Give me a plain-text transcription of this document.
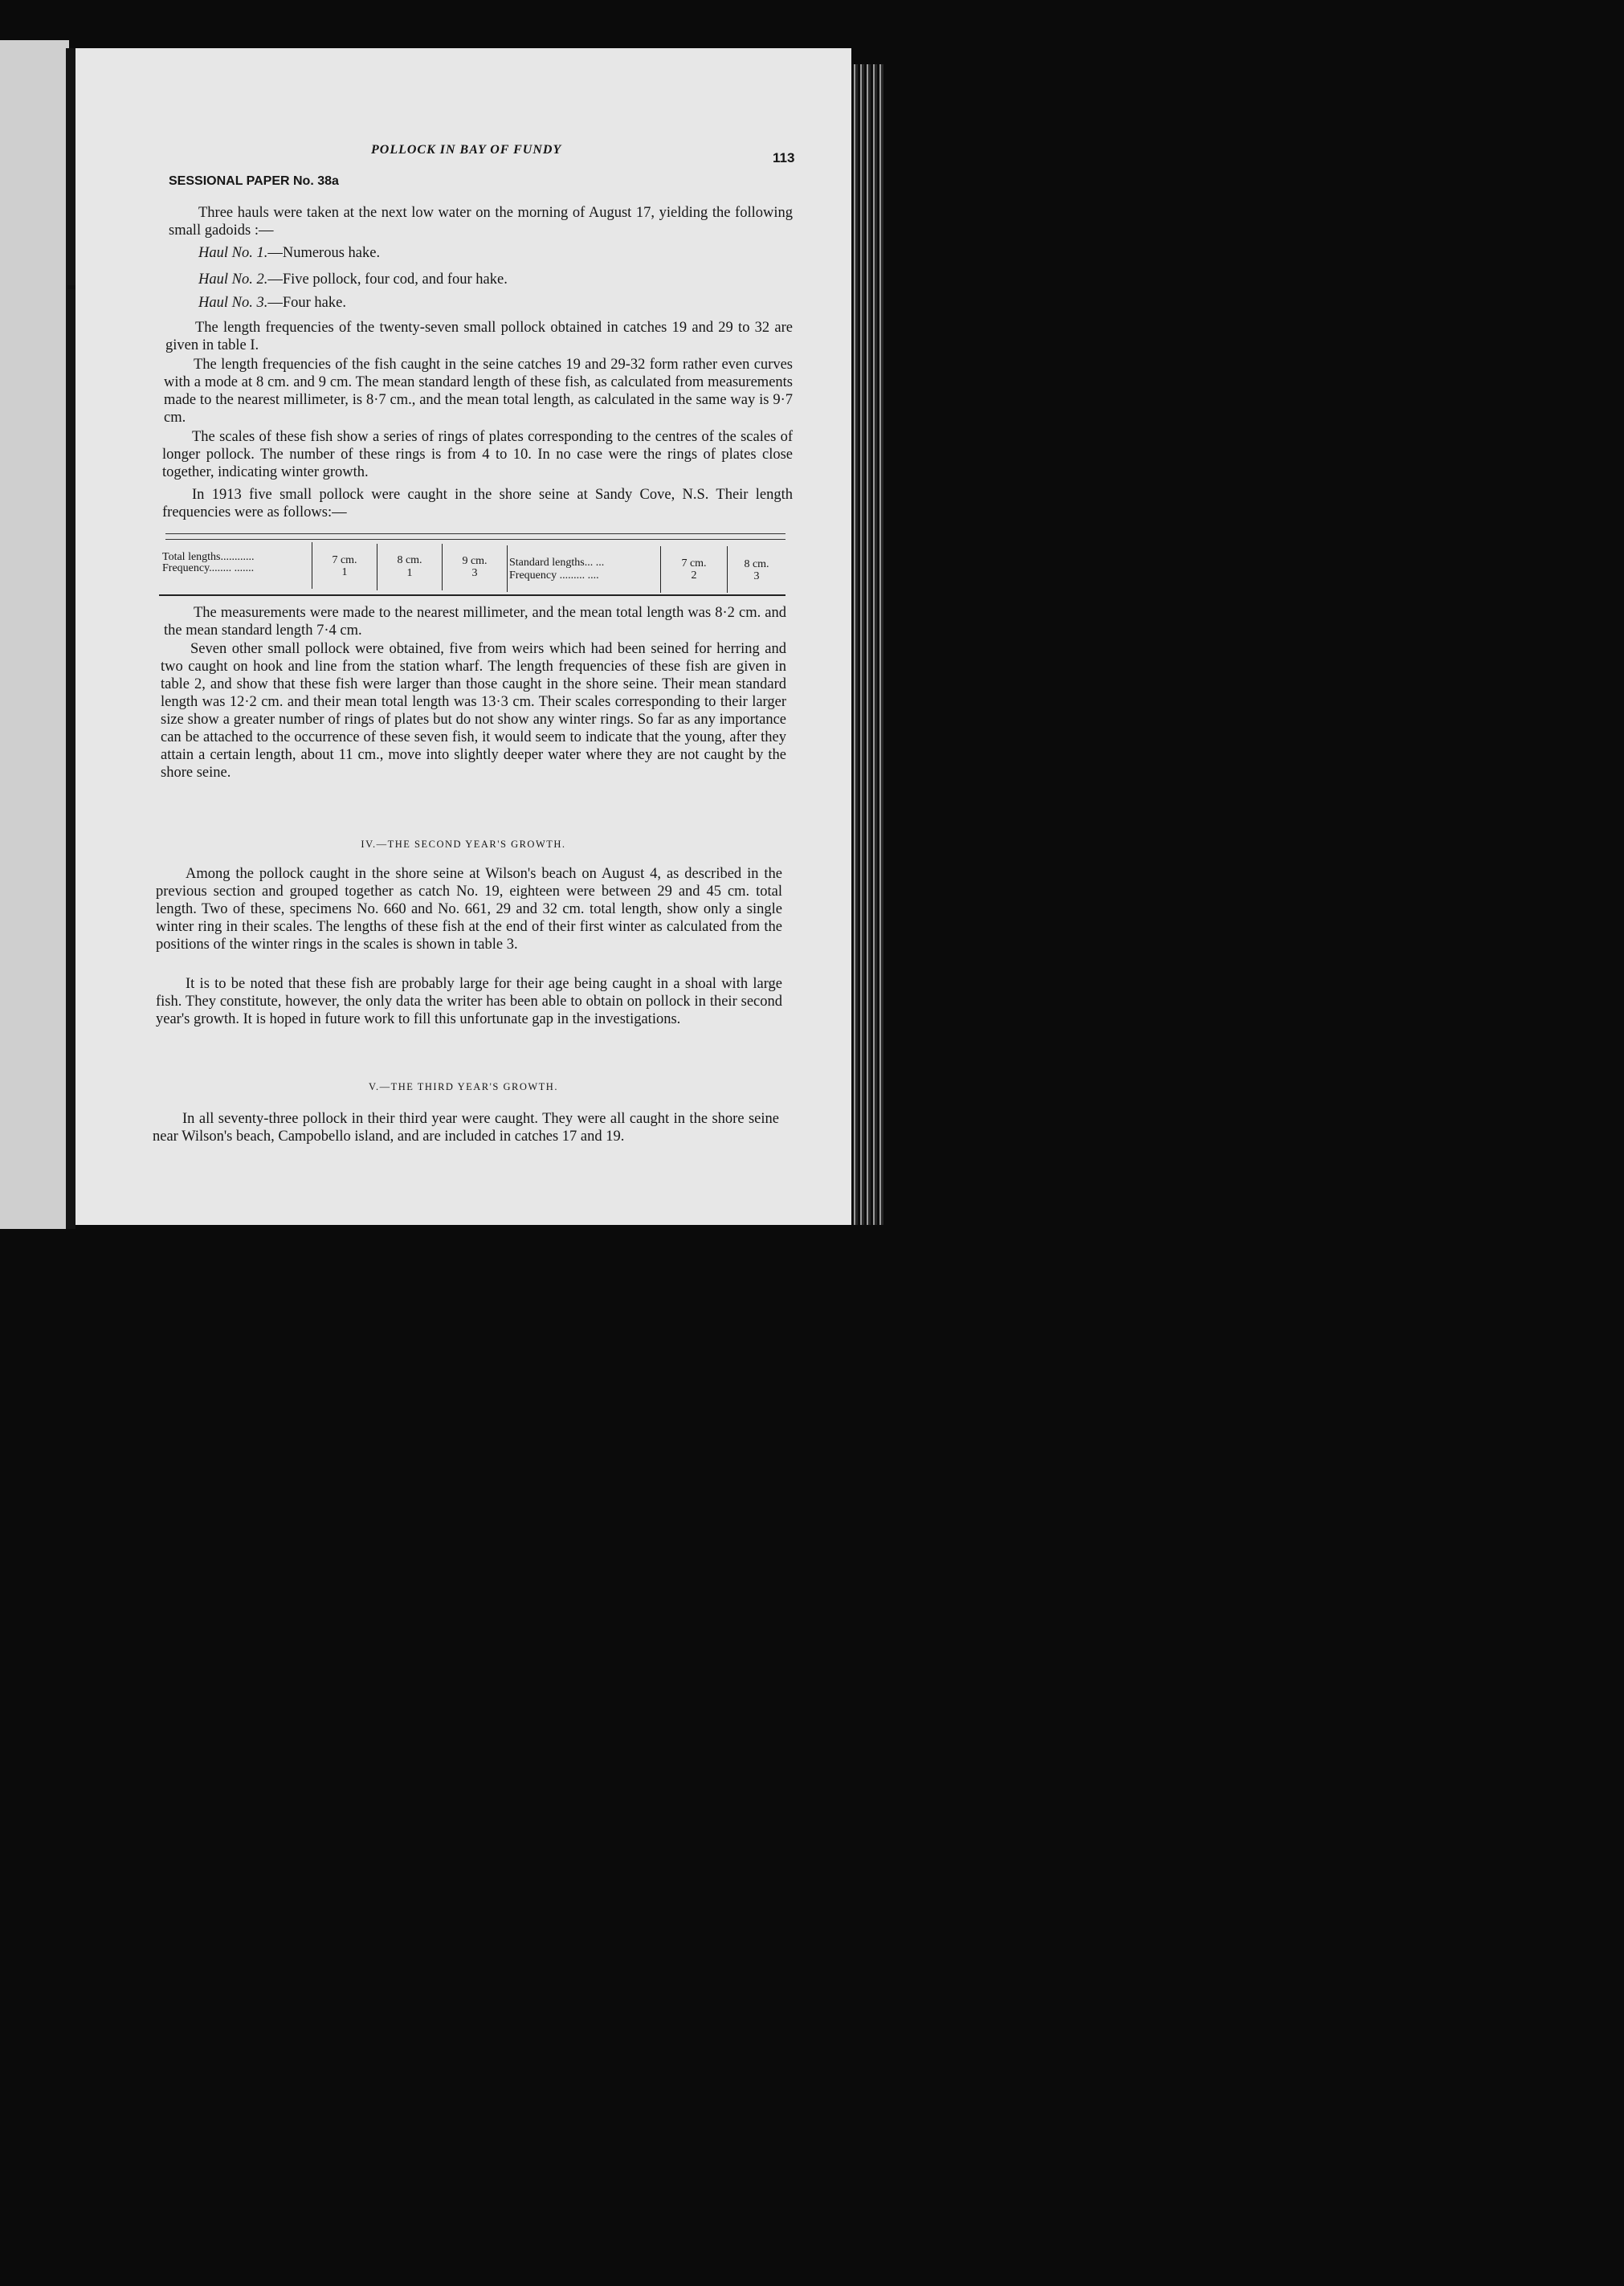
POLLOCK IN BAY OF FUNDY
113
SESSIONAL PAPER No. 38a

Three hauls were taken at the next low water on the morning of August 17, yielding the following small gadoids :—

Haul No. 1.—Numerous hake.

Haul No. 2.—Five pollock, four cod, and four hake.

Haul No. 3.—Four hake.

The length frequencies of the twenty-seven small pollock obtained in catches 19 and 29 to 32 are given in table I.

The length frequencies of the fish caught in the seine catches 19 and 29-32 form rather even curves with a mode at 8 cm. and 9 cm. The mean standard length of these fish, as calculated from measurements made to the nearest millimeter, is 8·7 cm., and the mean total length, as calculated in the same way is 9·7 cm.

The scales of these fish show a series of rings of plates corresponding to the centres of the scales of longer pollock. The number of these rings is from 4 to 10. In no case were the rings of plates close together, indicating winter growth.

In 1913 five small pollock were caught in the shore seine at Sandy Cove, N.S. Their length frequencies were as follows:—

Total lengths............
Frequency........ .......
7 cm.
1
8 cm.
1
9 cm.
3
Standard lengths... ...
Frequency ......... ....
7 cm.
2
8 cm.
3

The measurements were made to the nearest millimeter, and the mean total length was 8·2 cm. and the mean standard length 7·4 cm.

Seven other small pollock were obtained, five from weirs which had been seined for herring and two caught on hook and line from the station wharf. The length frequencies of these fish are given in table 2, and show that these fish were larger than those caught in the shore seine. Their mean standard length was 12·2 cm. and their mean total length was 13·3 cm. Their scales corresponding to their larger size show a greater number of rings of plates but do not show any winter rings. So far as any importance can be attached to the occurrence of these seven fish, it would seem to indicate that the young, after they attain a certain length, about 11 cm., move into slightly deeper water where they are not caught by the shore seine.

IV.—THE SECOND YEAR'S GROWTH.

Among the pollock caught in the shore seine at Wilson's beach on August 4, as described in the previous section and grouped together as catch No. 19, eighteen were between 29 and 45 cm. total length. Two of these, specimens No. 660 and No. 661, 29 and 32 cm. total length, show only a single winter ring in their scales. The lengths of these fish at the end of their first winter as calculated from the positions of the winter rings in the scales is shown in table 3.

It is to be noted that these fish are probably large for their age being caught in a shoal with large fish. They constitute, however, the only data the writer has been able to obtain on pollock in their second year's growth. It is hoped in future work to fill this unfortunate gap in the investigations.

V.—THE THIRD YEAR'S GROWTH.

In all seventy-three pollock in their third year were caught. They were all caught in the shore seine near Wilson's beach, Campobello island, and are included in catches 17 and 19.
